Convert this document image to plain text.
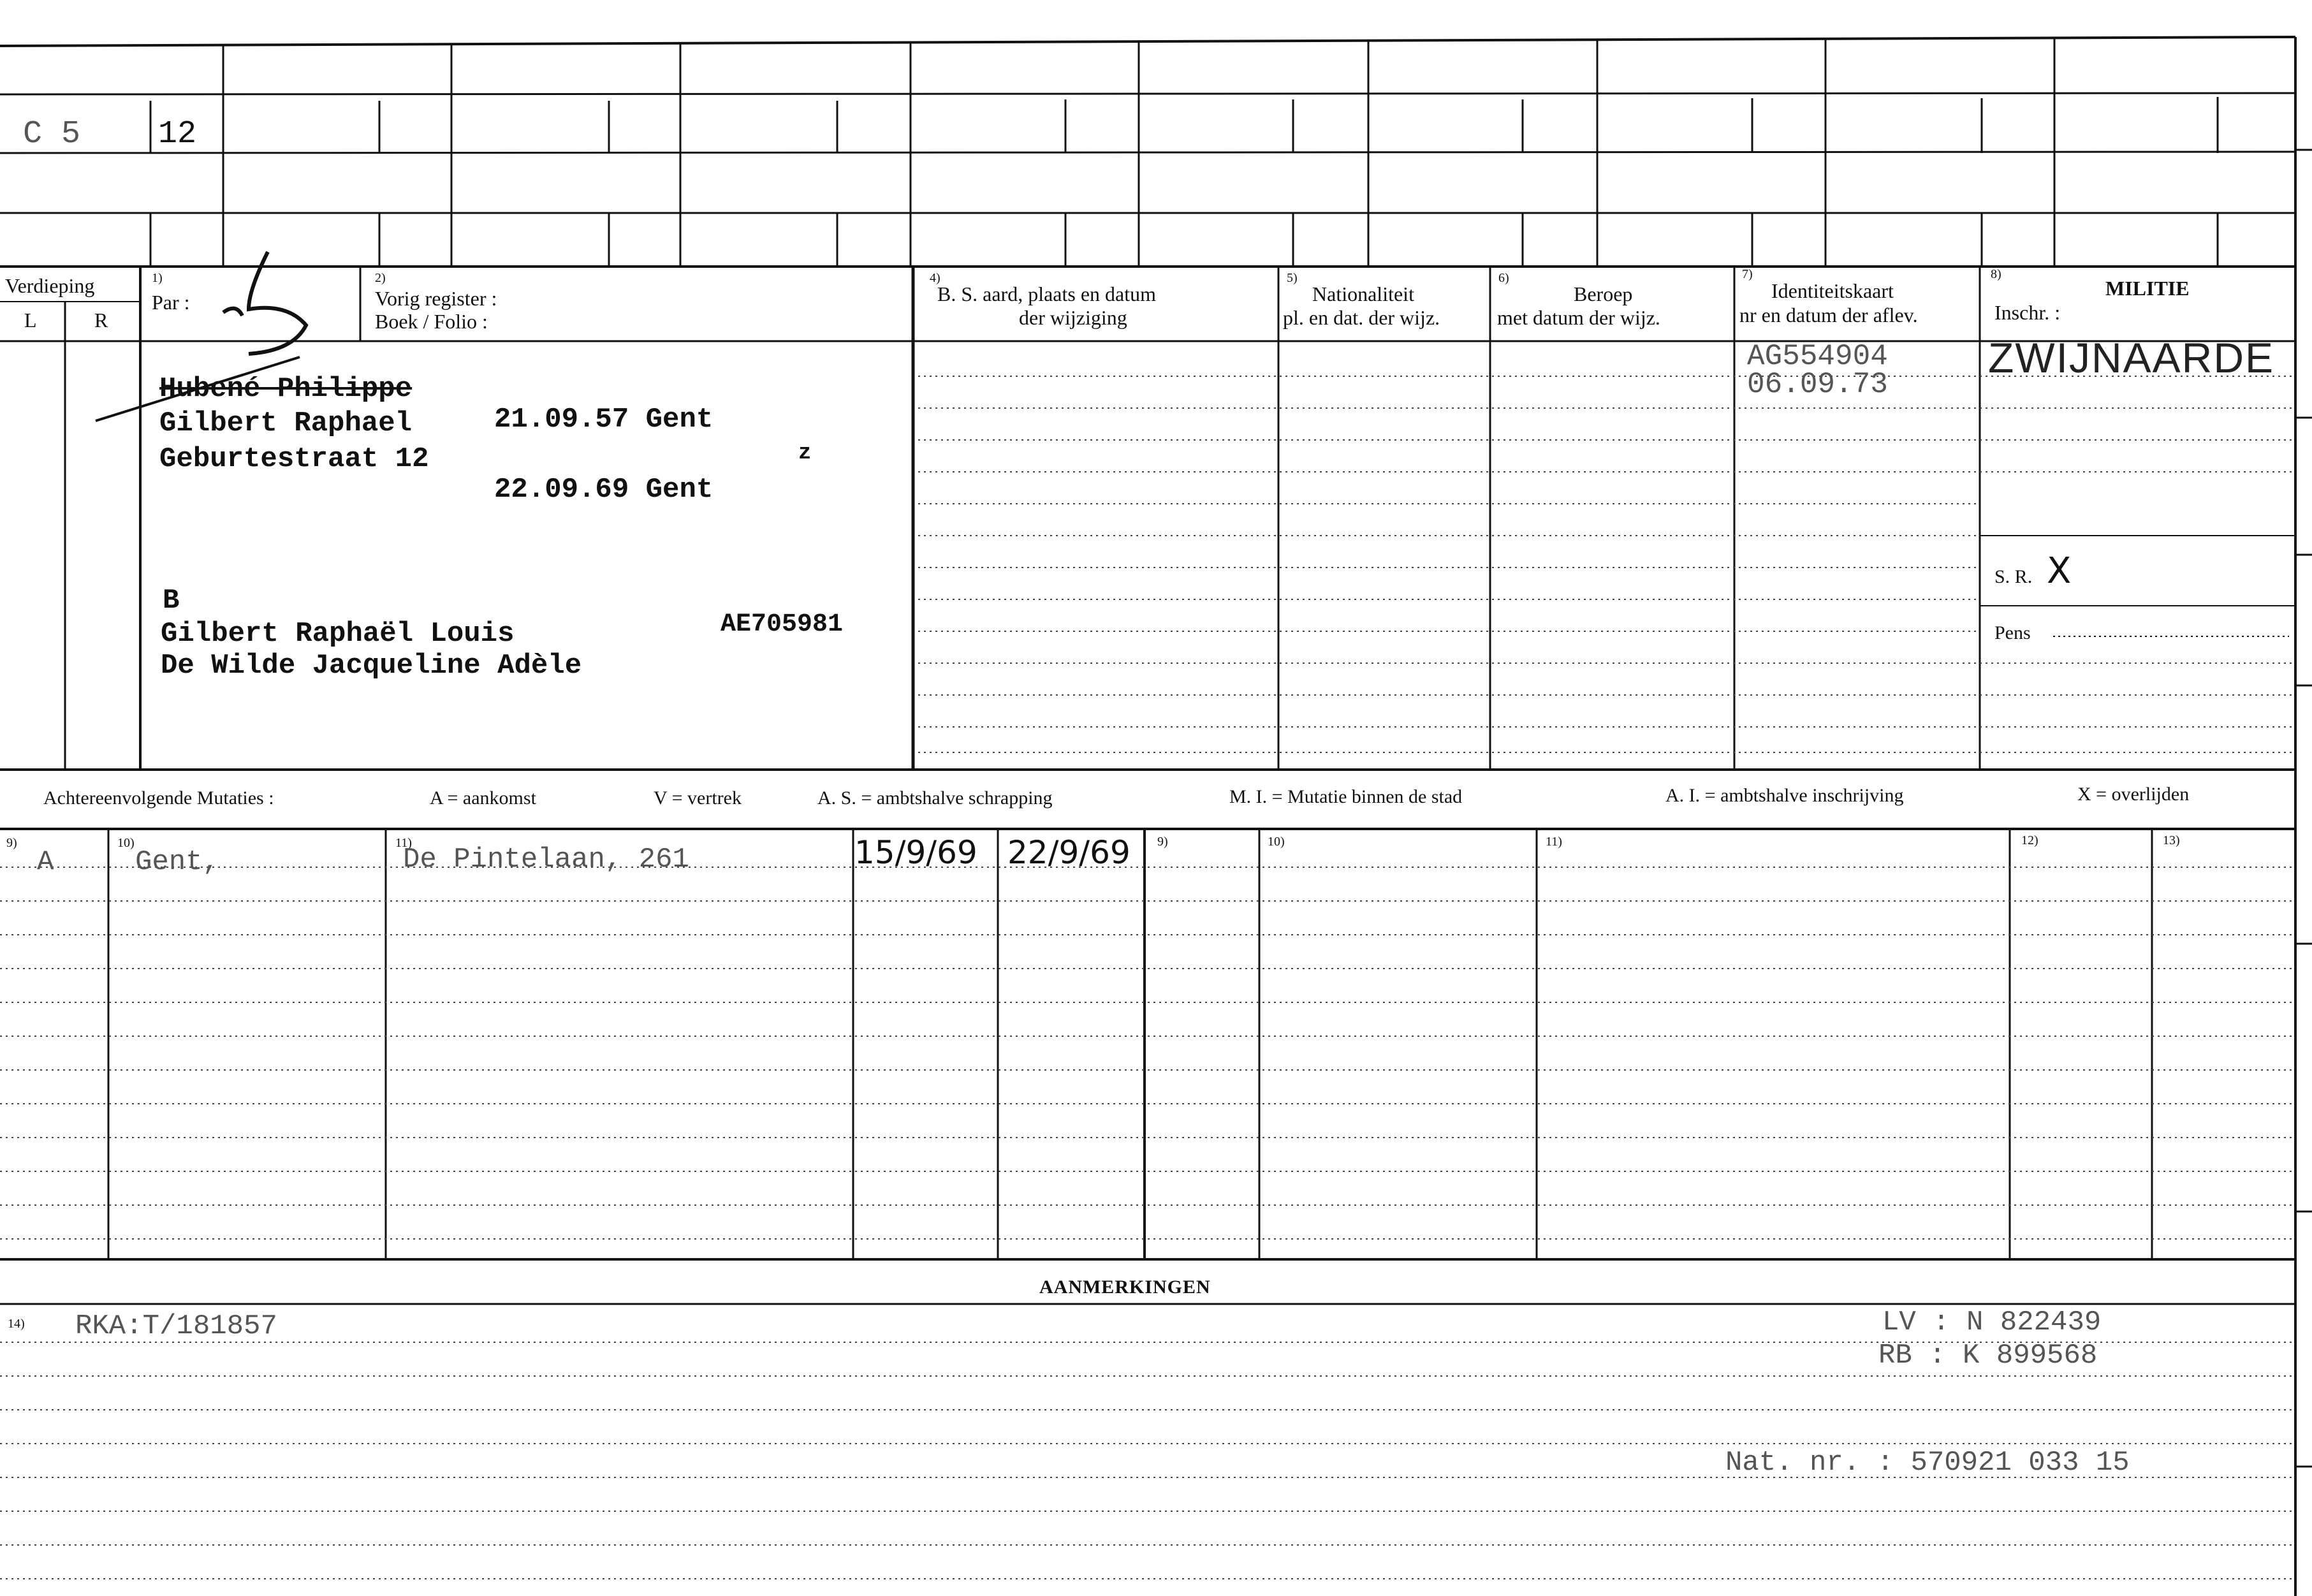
C 5 12
Verdieping
L	R
1)
Par :
2)
Vorig register :
Boek / Folio :
4)
B. S. aard, plaats en datum
der wijziging
5)
Nationaliteit
pl. en dat. der wijz.
6)
Beroep
met datum der wijz.
7)
Identiteitskaart
nr en datum der aflev.
8)
MILITIE
Inschr. :
S. R. X
Pens
Hubené Philippe
Gilbert Raphael	21.09.57 Gent
Geburtestraat 12	z
22.09.69 Gent
B
Gilbert Raphaël Louis	AE705981
De Wilde Jacqueline Adèle
AG554904
06.09.73
ZWIJNAARDE
Achtereenvolgende Mutaties :	A = aankomst	V = vertrek	A. S. = ambtshalve schrapping	M. I. = Mutatie binnen de stad	A. I. = ambtshalve inschrijving	X = overlijden
9)	10)	11)	9)	10)	11)	12)	13)
A	Gent,	De Pintelaan, 261	15/9/69 22/9/69
AANMERKINGEN
14) RKA:T/181857	LV : N 822439
RB : K 899568
Nat. nr. : 570921 033 15
